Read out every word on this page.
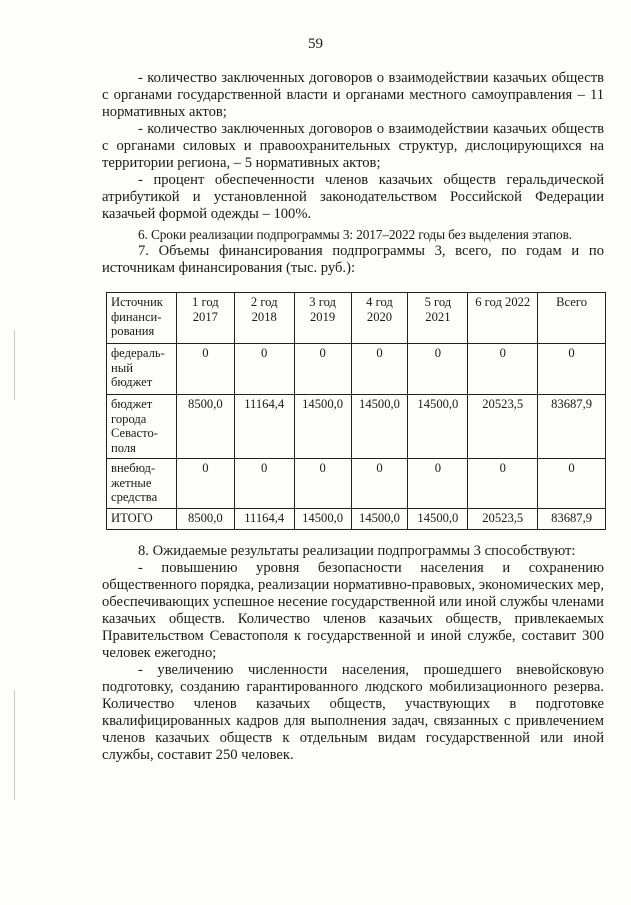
59

- количество заключенных договоров о взаимодействии казачьих обществ с органами государственной власти и органами местного самоуправления – 11 нормативных актов;

- количество заключенных договоров о взаимодействии казачьих обществ с органами силовых и правоохранительных структур, дислоцирующихся на территории региона, – 5 нормативных актов;

- процент обеспеченности членов казачьих обществ геральдической атрибутикой и установленной законодательством Российской Федерации казачьей формой одежды – 100%.

6. Сроки реализации подпрограммы 3: 2017–2022 годы без выделения этапов.

7. Объемы финансирования подпрограммы 3, всего, по годам и по источникам финансирования (тыс. руб.):

Источник финанси-рования	1 год 2017	2 год 2018	3 год 2019	4 год 2020	5 год 2021	6 год 2022	Всего
федераль-ный бюджет	0	0	0	0	0	0	0
бюджет города Севасто-поля	8500,0	11164,4	14500,0	14500,0	14500,0	20523,5	83687,9
внебюд-жетные средства	0	0	0	0	0	0	0
ИТОГО	8500,0	11164,4	14500,0	14500,0	14500,0	20523,5	83687,9

8. Ожидаемые результаты реализации подпрограммы 3 способствуют:

- повышению уровня безопасности населения и сохранению общественного порядка, реализации нормативно-правовых, экономических мер, обеспечивающих успешное несение государственной или иной службы членами казачьих обществ. Количество членов казачьих обществ, привлекаемых Правительством Севастополя к государственной и иной службе, составит 300 человек ежегодно;

- увеличению численности населения, прошедшего вневойсковую подготовку, созданию гарантированного людского мобилизационного резерва. Количество членов казачьих обществ, участвующих в подготовке квалифицированных кадров для выполнения задач, связанных с привлечением членов казачьих обществ к отдельным видам государственной или иной службы, составит 250 человек.
